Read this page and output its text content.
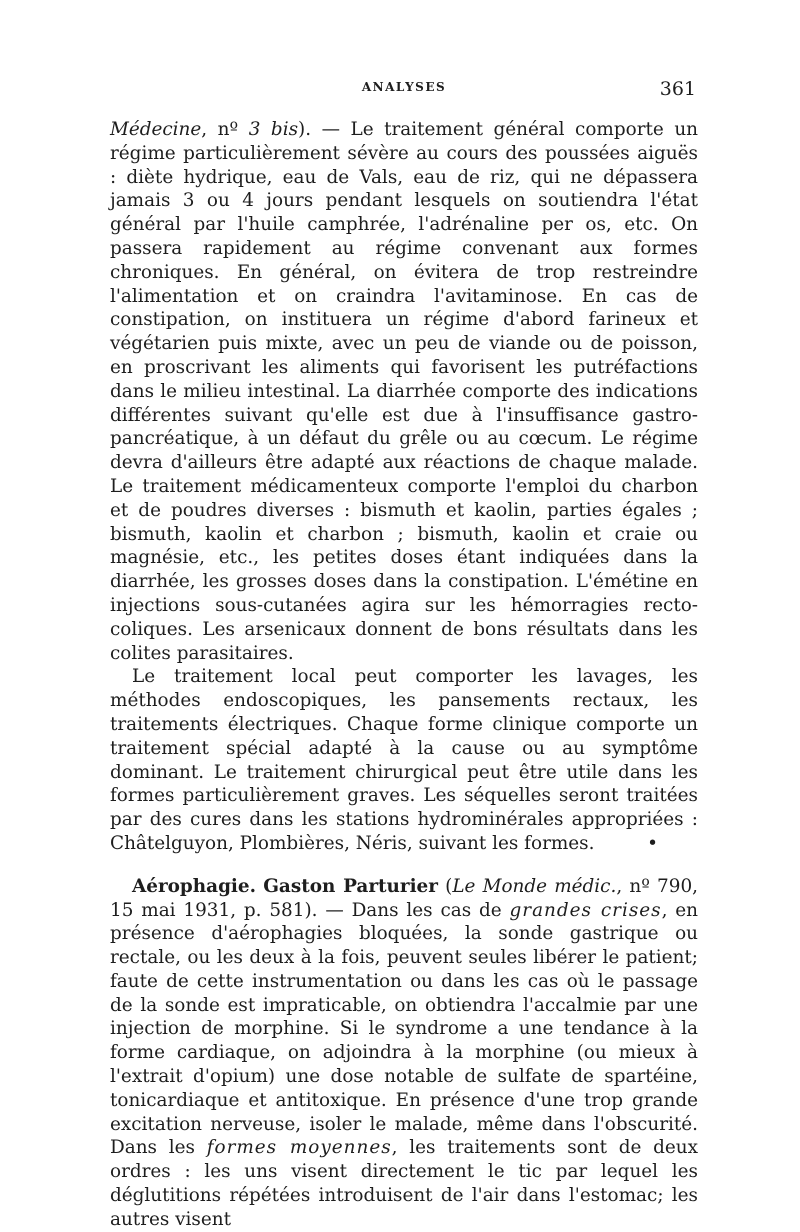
ANALYSES	361

Médecine, nº 3 bis). — Le traitement général comporte un régime particulièrement sévère au cours des poussées aiguës : diète hydrique, eau de Vals, eau de riz, qui ne dépassera jamais 3 ou 4 jours pendant lesquels on soutiendra l'état général par l'huile camphrée, l'adrénaline per os, etc. On passera rapidement au régime convenant aux formes chroniques. En général, on évitera de trop restreindre l'alimentation et on craindra l'avitaminose. En cas de constipation, on instituera un régime d'abord farineux et végétarien puis mixte, avec un peu de viande ou de poisson, en proscrivant les aliments qui favorisent les putréfactions dans le milieu intestinal. La diarrhée comporte des indications différentes suivant qu'elle est due à l'insuffisance gastro-pancréatique, à un défaut du grêle ou au cœcum. Le régime devra d'ailleurs être adapté aux réactions de chaque malade. Le traitement médicamenteux comporte l'emploi du charbon et de poudres diverses : bismuth et kaolin, parties égales ; bismuth, kaolin et charbon ; bismuth, kaolin et craie ou magnésie, etc., les petites doses étant indiquées dans la diarrhée, les grosses doses dans la constipation. L'émétine en injections sous-cutanées agira sur les hémorragies recto-coliques. Les arsenicaux donnent de bons résultats dans les colites parasitaires.

Le traitement local peut comporter les lavages, les méthodes endoscopiques, les pansements rectaux, les traitements électriques. Chaque forme clinique comporte un traitement spécial adapté à la cause ou au symptôme dominant. Le traitement chirurgical peut être utile dans les formes particulièrement graves. Les séquelles seront traitées par des cures dans les stations hydrominérales appropriées : Châtelguyon, Plombières, Néris, suivant les formes.	•

Aérophagie. Gaston Parturier (Le Monde médic., nº 790, 15 mai 1931, p. 581). — Dans les cas de grandes crises, en présence d'aérophagies bloquées, la sonde gastrique ou rectale, ou les deux à la fois, peuvent seules libérer le patient; faute de cette instrumentation ou dans les cas où le passage de la sonde est impraticable, on obtiendra l'accalmie par une injection de morphine. Si le syndrome a une tendance à la forme cardiaque, on adjoindra à la morphine (ou mieux à l'extrait d'opium) une dose notable de sulfate de spartéine, tonicardiaque et antitoxique. En présence d'une trop grande excitation nerveuse, isoler le malade, même dans l'obscurité. Dans les formes moyennes, les traitements sont de deux ordres : les uns visent directement le tic par lequel les déglutitions répétées introduisent de l'air dans l'estomac; les autres visent
